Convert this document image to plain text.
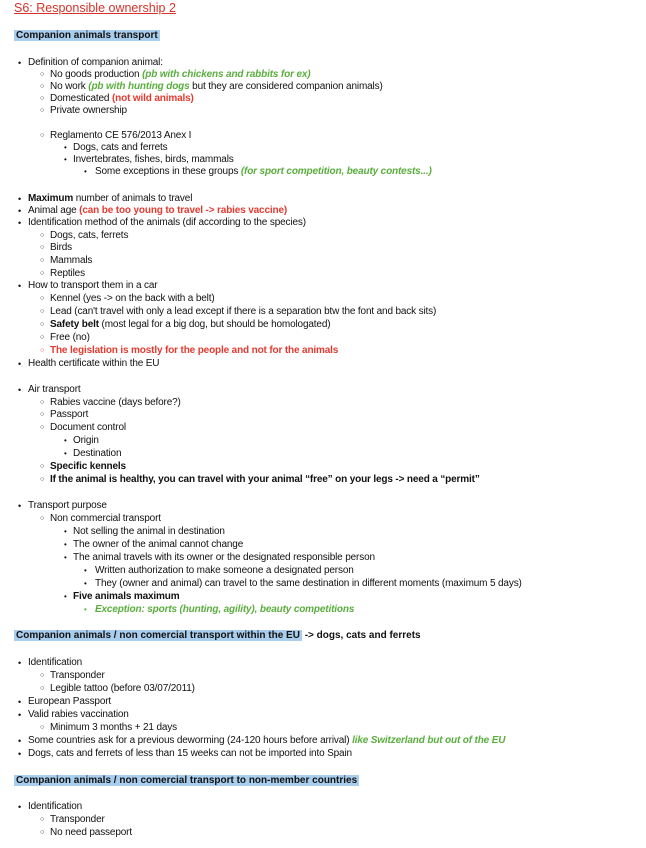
S6: Responsible ownership 2
Companion animals transport
• Definition of companion animal:
○ No goods production (pb with chickens and rabbits for ex)
○ No work (pb with hunting dogs but they are considered companion animals)
○ Domesticated (not wild animals)
○ Private ownership
○ Reglamento CE 576/2013 Anex I
• Dogs, cats and ferrets
• Invertebrates, fishes, birds, mammals
• Some exceptions in these groups (for sport competition, beauty contests...)
• Maximum number of animals to travel
• Animal age (can be too young to travel -> rabies vaccine)
• Identification method of the animals (dif according to the species)
○ Dogs, cats, ferrets
○ Birds
○ Mammals
○ Reptiles
• How to transport them in a car
○ Kennel (yes -> on the back with a belt)
○ Lead (can't travel with only a lead except if there is a separation btw the font and back sits)
○ Safety belt (most legal for a big dog, but should be homologated)
○ Free (no)
○ The legislation is mostly for the people and not for the animals
• Health certificate within the EU
• Air transport
○ Rabies vaccine (days before?)
○ Passport
○ Document control
• Origin
• Destination
○ Specific kennels
○ If the animal is healthy, you can travel with your animal “free” on your legs -> need a “permit”
• Transport purpose
○ Non commercial transport
• Not selling the animal in destination
• The owner of the animal cannot change
• The animal travels with its owner or the designated responsible person
• Written authorization to make someone a designated person
• They (owner and animal) can travel to the same destination in different moments (maximum 5 days)
• Five animals maximum
• Exception: sports (hunting, agility), beauty competitions
Companion animals / non comercial transport within the EU -> dogs, cats and ferrets
• Identification
○ Transponder
○ Legible tattoo (before 03/07/2011)
• European Passport
• Valid rabies vaccination
○ Minimum 3 months + 21 days
• Some countries ask for a previous deworming (24-120 hours before arrival) like Switzerland but out of the EU
• Dogs, cats and ferrets of less than 15 weeks can not be imported into Spain
Companion animals / non comercial transport to non-member countries
• Identification
○ Transponder
○ No need passeport
